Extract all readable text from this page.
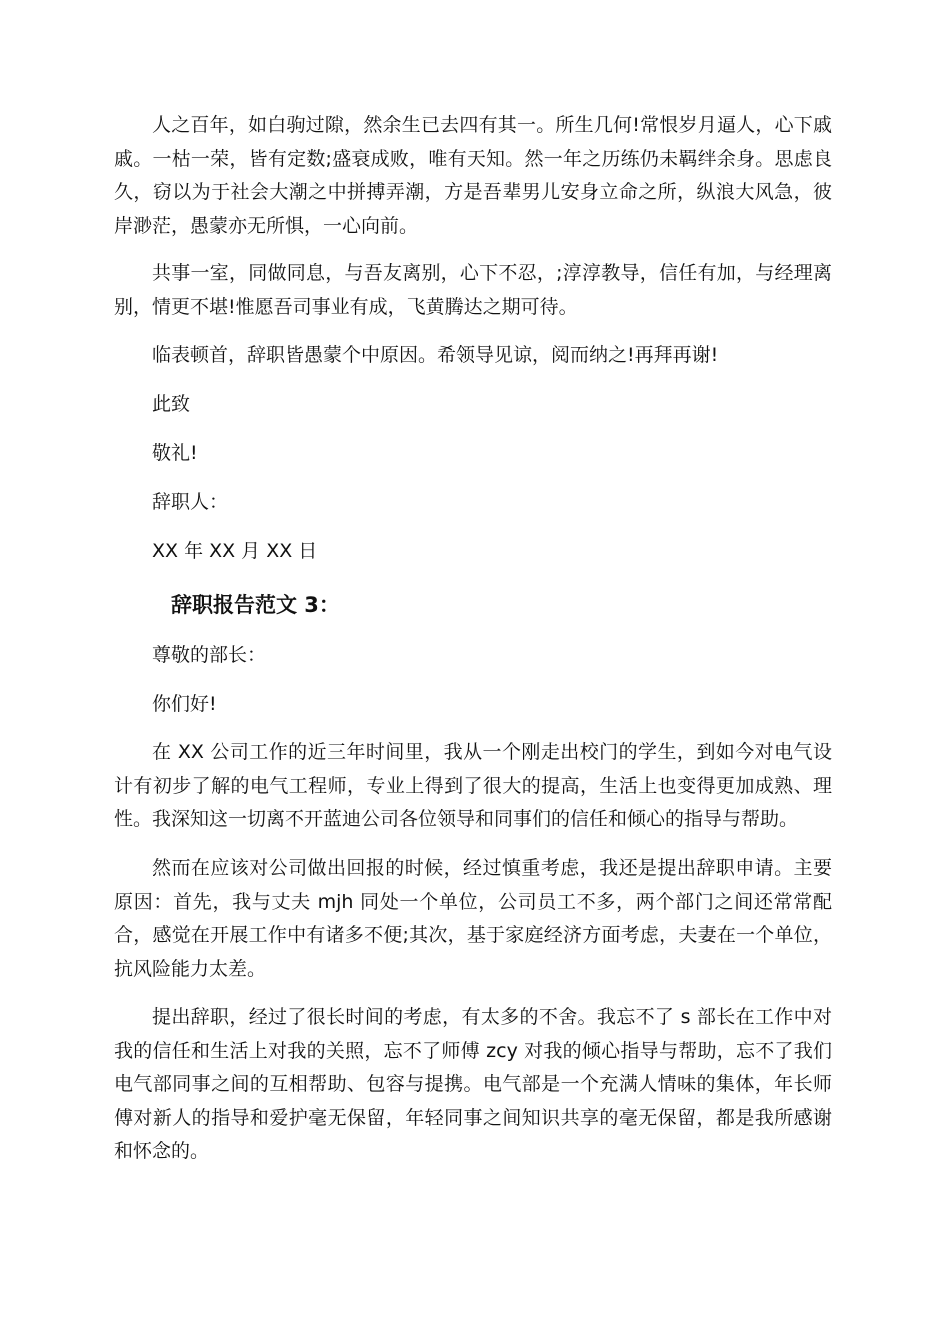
人之百年，如白驹过隙，然余生已去四有其一。所生几何!常恨岁月逼人，心下戚戚。一枯一荣，皆有定数;盛衰成败，唯有天知。然一年之历练仍未羁绊余身。思虑良久，窃以为于社会大潮之中拼搏弄潮，方是吾辈男儿安身立命之所，纵浪大风急，彼岸渺茫，愚蒙亦无所惧，一心向前。

共事一室，同做同息，与吾友离别，心下不忍，;淳淳教导，信任有加，与经理离别，情更不堪!惟愿吾司事业有成，飞黄腾达之期可待。

临表顿首，辞职皆愚蒙个中原因。希领导见谅，阅而纳之!再拜再谢!

此致

敬礼!

辞职人：

XX 年 XX 月 XX 日

辞职报告范文 3：

尊敬的部长：

你们好!

在 XX 公司工作的近三年时间里，我从一个刚走出校门的学生，到如今对电气设计有初步了解的电气工程师，专业上得到了很大的提高，生活上也变得更加成熟、理性。我深知这一切离不开蓝迪公司各位领导和同事们的信任和倾心的指导与帮助。

然而在应该对公司做出回报的时候，经过慎重考虑，我还是提出辞职申请。主要原因：首先，我与丈夫 mjh 同处一个单位，公司员工不多，两个部门之间还常常配合，感觉在开展工作中有诸多不便;其次，基于家庭经济方面考虑，夫妻在一个单位，抗风险能力太差。

提出辞职，经过了很长时间的考虑，有太多的不舍。我忘不了 s 部长在工作中对我的信任和生活上对我的关照，忘不了师傅 zcy 对我的倾心指导与帮助，忘不了我们电气部同事之间的互相帮助、包容与提携。电气部是一个充满人情味的集体，年长师傅对新人的指导和爱护毫无保留，年轻同事之间知识共享的毫无保留，都是我所感谢和怀念的。
